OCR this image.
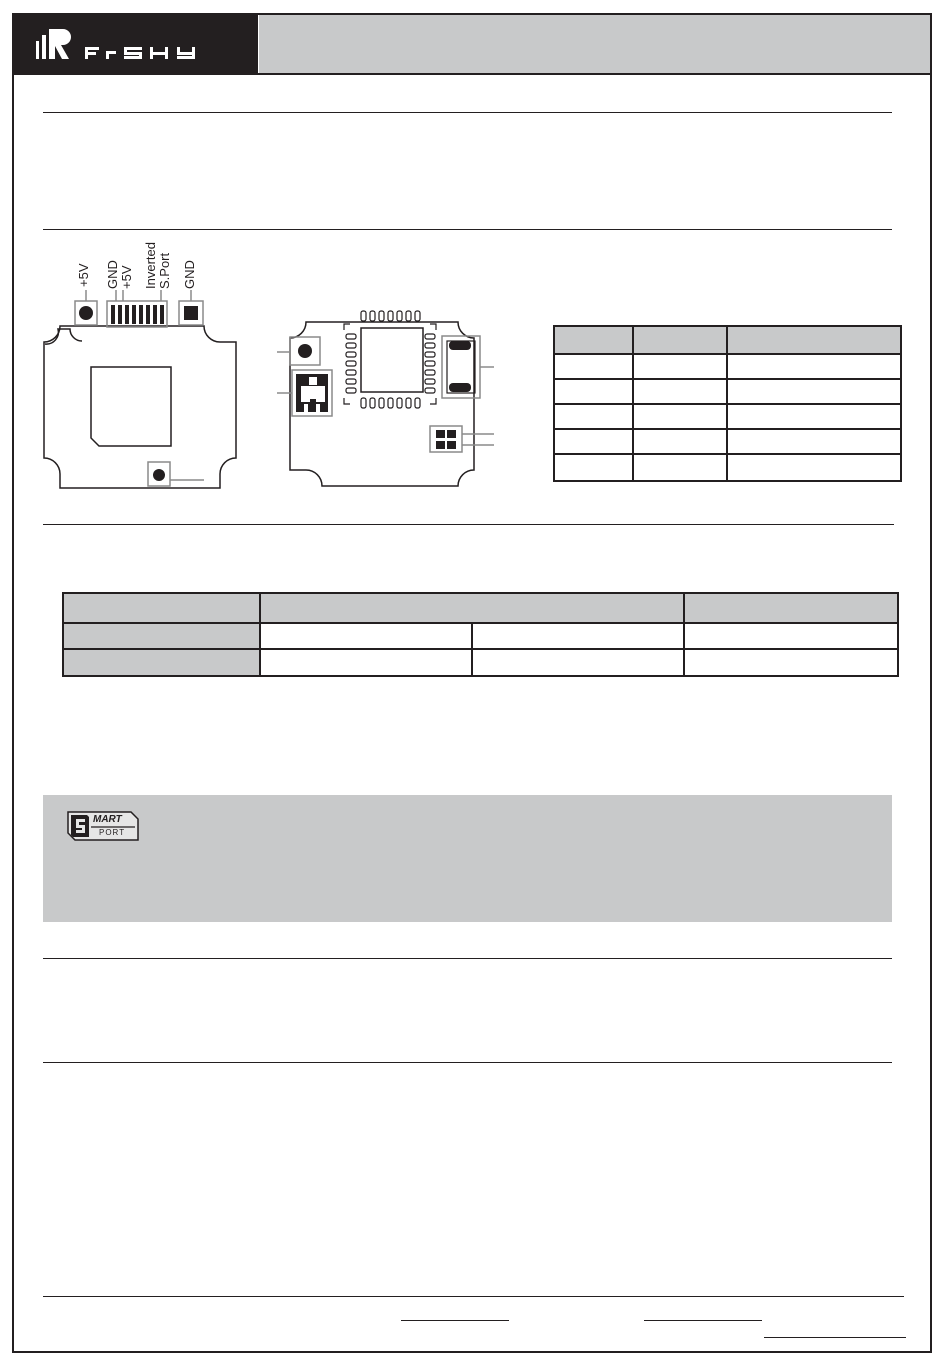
+5V GND +5V Inverted S.Port GND

MART
PORT
